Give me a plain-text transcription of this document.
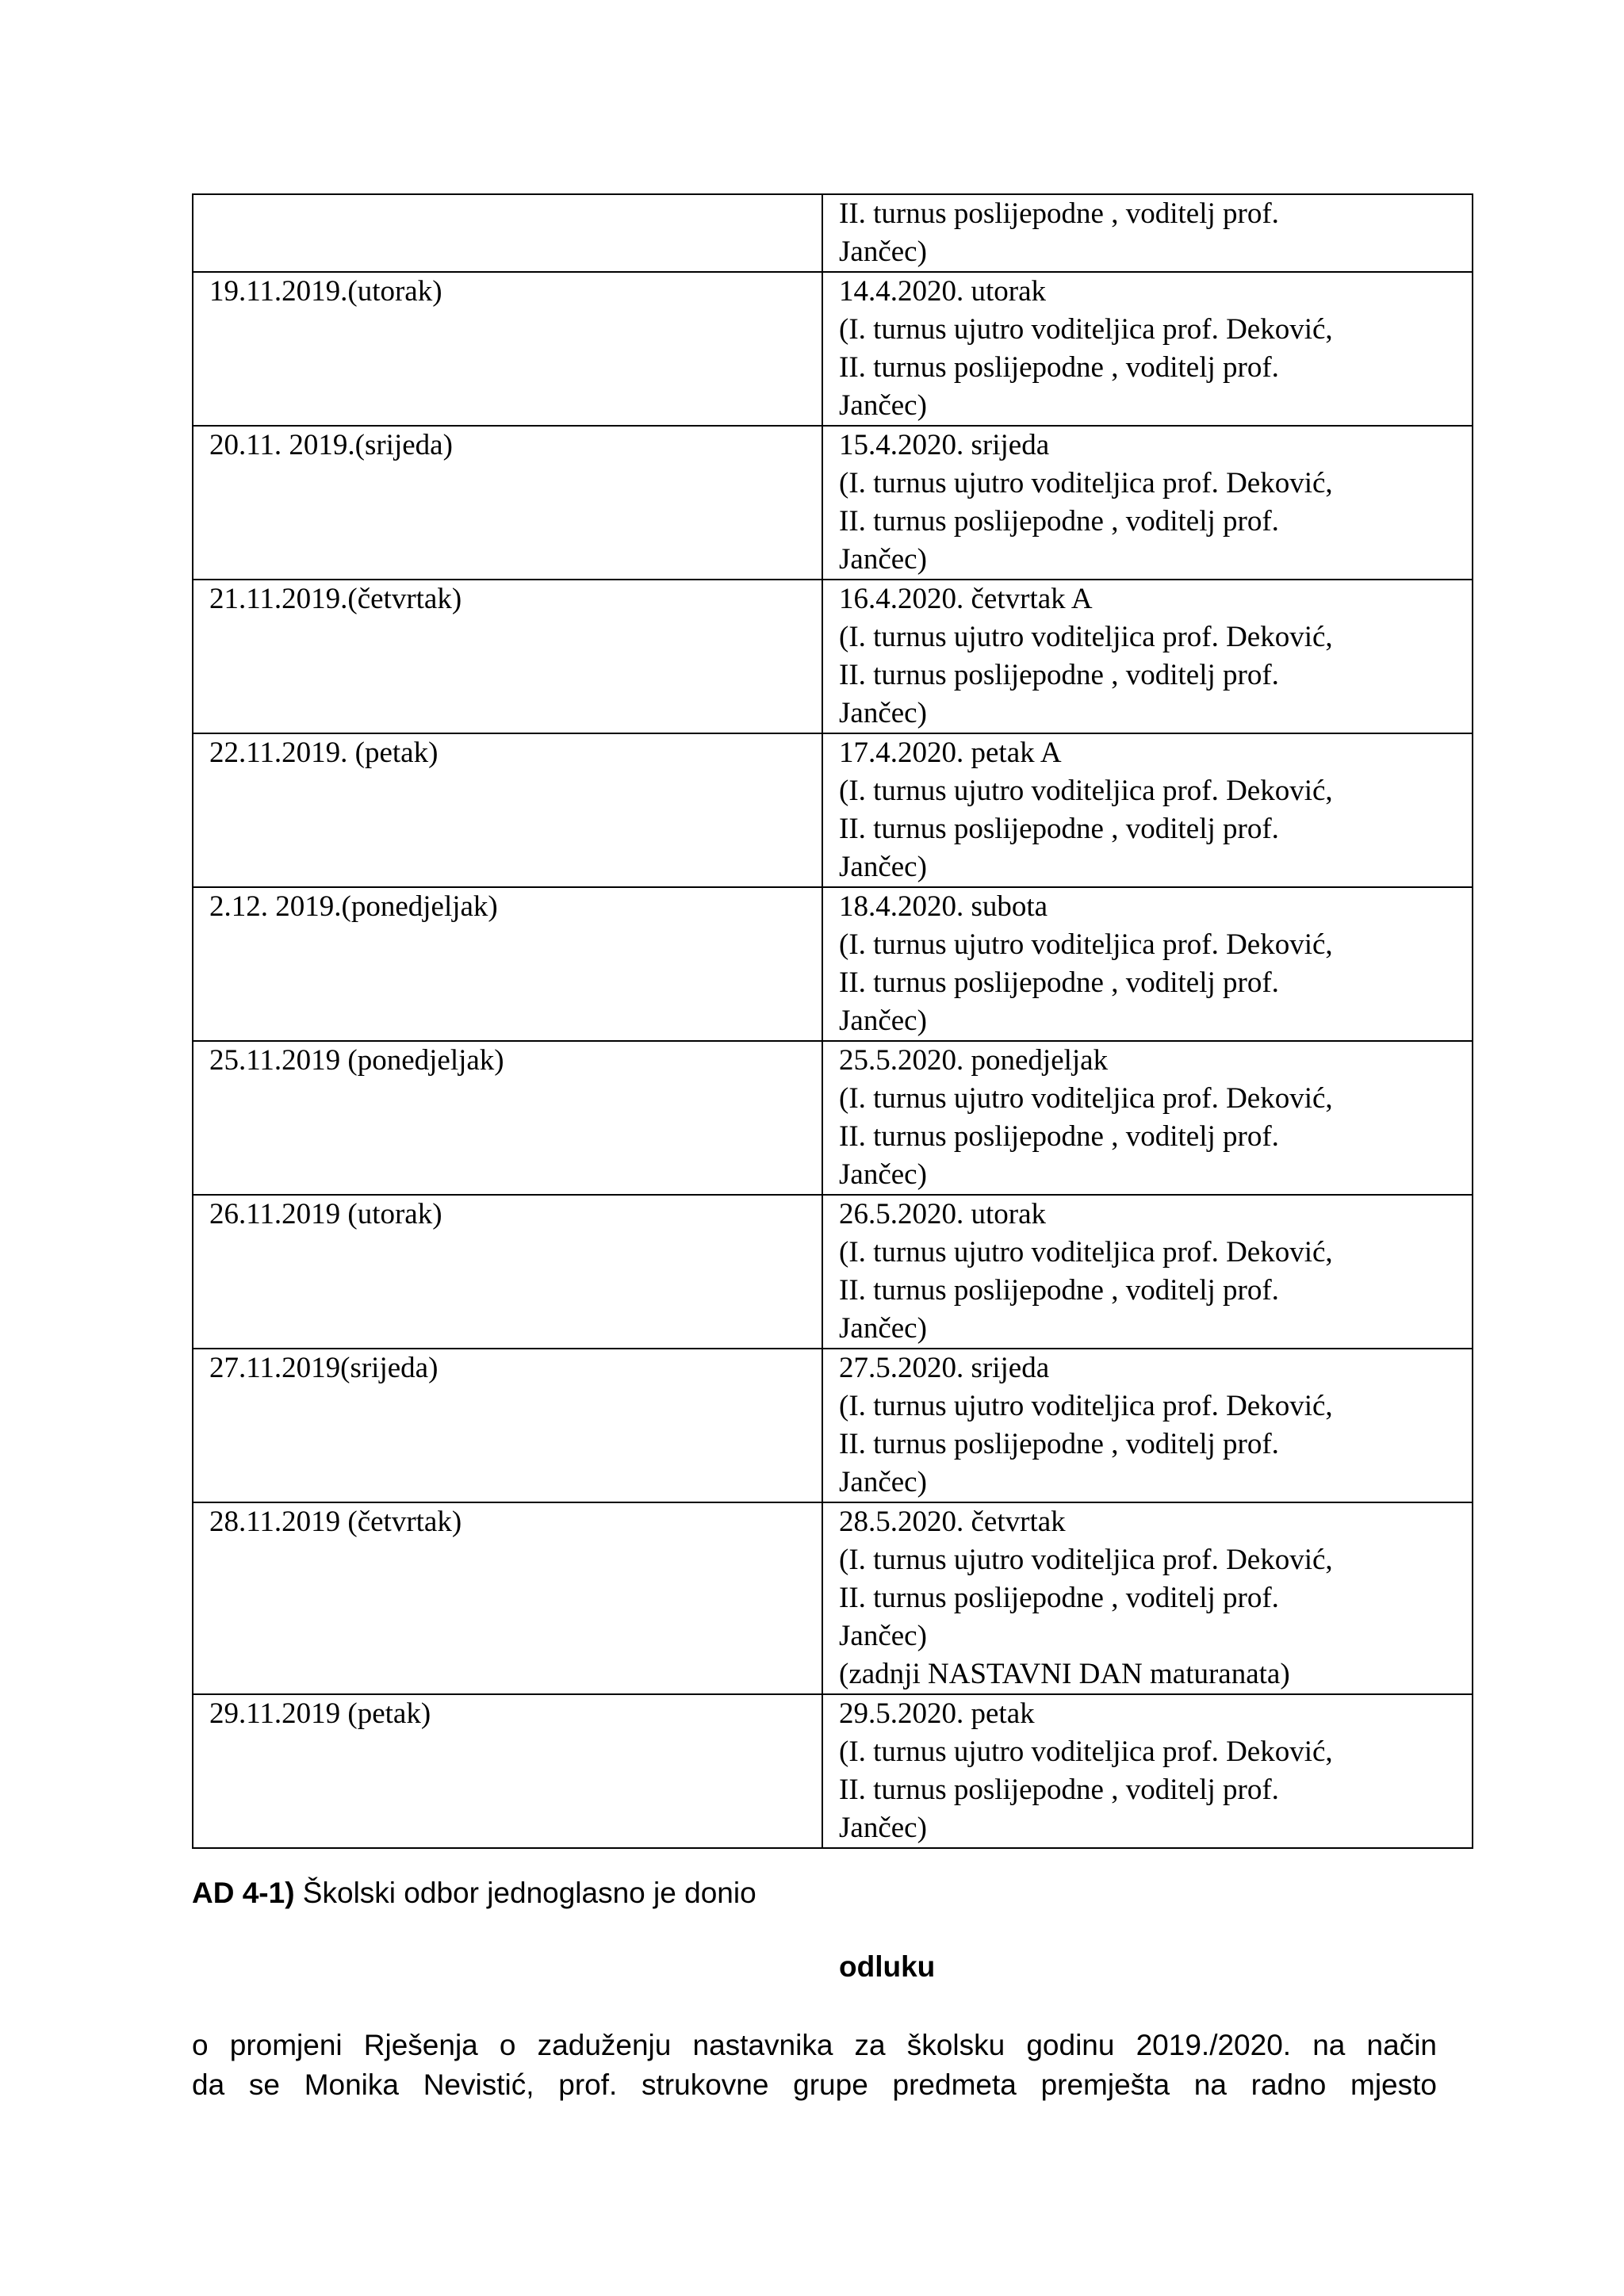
	II. turnus poslijepodne , voditelj prof.
Jančec)

19.11.2019.(utorak)	14.4.2020. utorak
(I. turnus ujutro voditeljica prof. Deković,
II. turnus poslijepodne , voditelj prof.
Jančec)

20.11. 2019.(srijeda)	15.4.2020. srijeda
(I. turnus ujutro voditeljica prof. Deković,
II. turnus poslijepodne , voditelj prof.
Jančec)

21.11.2019.(četvrtak)	16.4.2020. četvrtak A
(I. turnus ujutro voditeljica prof. Deković,
II. turnus poslijepodne , voditelj prof.
Jančec)

22.11.2019. (petak)	17.4.2020. petak A
(I. turnus ujutro voditeljica prof. Deković,
II. turnus poslijepodne , voditelj prof.
Jančec)

2.12. 2019.(ponedjeljak)	18.4.2020. subota
(I. turnus ujutro voditeljica prof. Deković,
II. turnus poslijepodne , voditelj prof.
Jančec)

25.11.2019 (ponedjeljak)	25.5.2020. ponedjeljak
(I. turnus ujutro voditeljica prof. Deković,
II. turnus poslijepodne , voditelj prof.
Jančec)

26.11.2019 (utorak)	26.5.2020. utorak
(I. turnus ujutro voditeljica prof. Deković,
II. turnus poslijepodne , voditelj prof.
Jančec)

27.11.2019(srijeda)	27.5.2020. srijeda
(I. turnus ujutro voditeljica prof. Deković,
II. turnus poslijepodne , voditelj prof.
Jančec)

28.11.2019 (četvrtak)	28.5.2020. četvrtak
(I. turnus ujutro voditeljica prof. Deković,
II. turnus poslijepodne , voditelj prof.
Jančec)
(zadnji NASTAVNI DAN maturanata)

29.11.2019 (petak)	29.5.2020. petak
(I. turnus ujutro voditeljica prof. Deković,
II. turnus poslijepodne , voditelj prof.
Jančec)
AD 4-1) Školski odbor jednoglasno je donio
odluku
o promjeni Rješenja o zaduženju nastavnika za školsku godinu 2019./2020. na način
da se Monika Nevistić, prof. strukovne grupe predmeta premješta na radno mjesto
